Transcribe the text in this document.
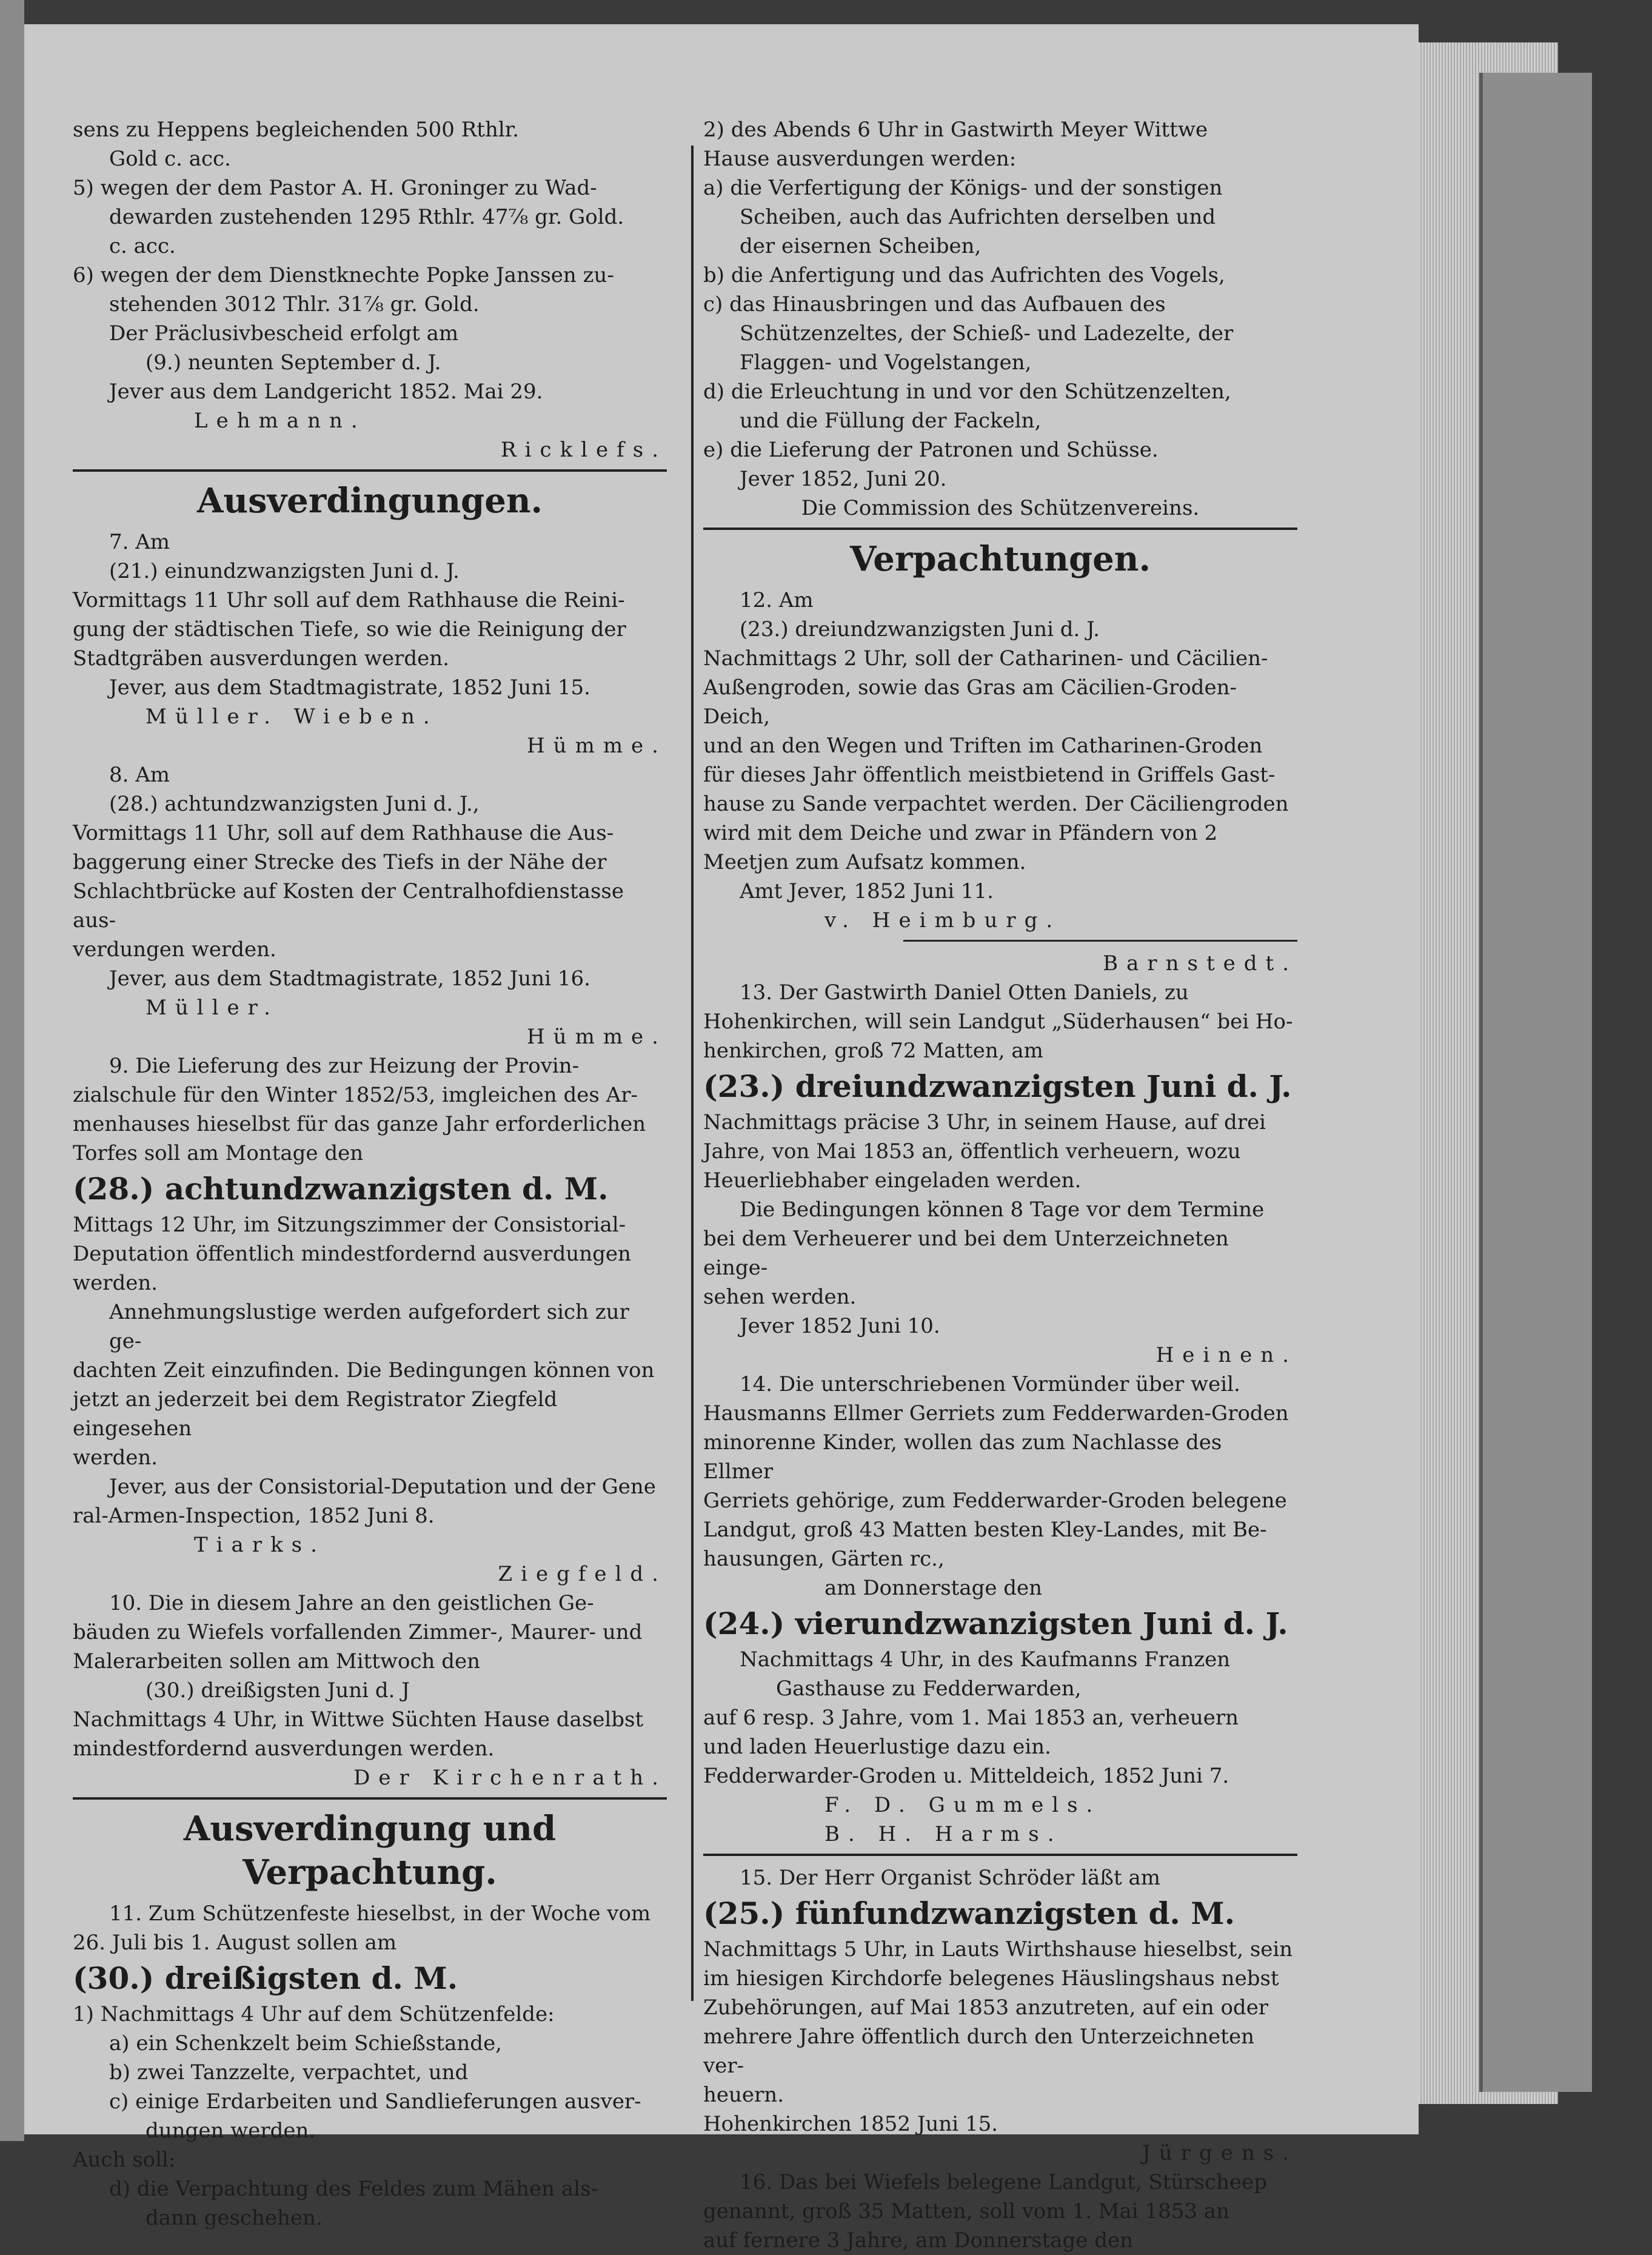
sens zu Heppens begleichenden 500 Rthlr.

Gold c. acc.

5) wegen der dem Pastor A. H. Groninger zu Wad-

dewarden zustehenden 1295 Rthlr. 47⅞ gr. Gold.

c. acc.

6) wegen der dem Dienstknechte Popke Janssen zu-

stehenden 3012 Thlr. 31⅞ gr. Gold.

Der Präclusivbescheid erfolgt am

(9.) neunten September d. J.

Jever aus dem Landgericht 1852. Mai 29.

Lehmann.

Ricklefs.

Ausverdingungen.

7. Am

(21.) einundzwanzigsten Juni d. J.

Vormittags 11 Uhr soll auf dem Rathhause die Reini-

gung der städtischen Tiefe, so wie die Reinigung der

Stadtgräben ausverdungen werden.

Jever, aus dem Stadtmagistrate, 1852 Juni 15.

Müller. Wieben.

Hümme.

8. Am

(28.) achtundzwanzigsten Juni d. J.,

Vormittags 11 Uhr, soll auf dem Rathhause die Aus-

baggerung einer Strecke des Tiefs in der Nähe der

Schlachtbrücke auf Kosten der Centralhofdienstasse aus-

verdungen werden.

Jever, aus dem Stadtmagistrate, 1852 Juni 16.

Müller.

Hümme.

9. Die Lieferung des zur Heizung der Provin-

zialschule für den Winter 1852/53, imgleichen des Ar-

menhauses hieselbst für das ganze Jahr erforderlichen

Torfes soll am Montage den

(28.) achtundzwanzigsten d. M.

Mittags 12 Uhr, im Sitzungszimmer der Consistorial-

Deputation öffentlich mindestfordernd ausverdungen werden.

Annehmungslustige werden aufgefordert sich zur ge-

dachten Zeit einzufinden. Die Bedingungen können von

jetzt an jederzeit bei dem Registrator Ziegfeld eingesehen

werden.

Jever, aus der Consistorial-Deputation und der Gene

ral-Armen-Inspection, 1852 Juni 8.

Tiarks.

Ziegfeld.

10. Die in diesem Jahre an den geistlichen Ge-

bäuden zu Wiefels vorfallenden Zimmer-, Maurer- und

Malerarbeiten sollen am Mittwoch den

(30.) dreißigsten Juni d. J

Nachmittags 4 Uhr, in Wittwe Süchten Hause daselbst

mindestfordernd ausverdungen werden.

Der Kirchenrath.

Ausverdingung und Verpachtung.

11. Zum Schützenfeste hieselbst, in der Woche vom

26. Juli bis 1. August sollen am

(30.) dreißigsten d. M.

1) Nachmittags 4 Uhr auf dem Schützenfelde:

a) ein Schenkzelt beim Schießstande,

b) zwei Tanzzelte, verpachtet, und

c) einige Erdarbeiten und Sandlieferungen ausver-

dungen werden.

Auch soll:

d) die Verpachtung des Feldes zum Mähen als-

dann geschehen.

2) des Abends 6 Uhr in Gastwirth Meyer Wittwe

Hause ausverdungen werden:

a) die Verfertigung der Königs- und der sonstigen

Scheiben, auch das Aufrichten derselben und

der eisernen Scheiben,

b) die Anfertigung und das Aufrichten des Vogels,

c) das Hinausbringen und das Aufbauen des

Schützenzeltes, der Schieß- und Ladezelte, der

Flaggen- und Vogelstangen,

d) die Erleuchtung in und vor den Schützenzelten,

und die Füllung der Fackeln,

e) die Lieferung der Patronen und Schüsse.

Jever 1852, Juni 20.

Die Commission des Schützenvereins.

Verpachtungen.

12. Am

(23.) dreiundzwanzigsten Juni d. J.

Nachmittags 2 Uhr, soll der Catharinen- und Cäcilien-

Außengroden, sowie das Gras am Cäcilien-Groden-Deich,

und an den Wegen und Triften im Catharinen-Groden

für dieses Jahr öffentlich meistbietend in Griffels Gast-

hause zu Sande verpachtet werden. Der Cäciliengroden

wird mit dem Deiche und zwar in Pfändern von 2

Meetjen zum Aufsatz kommen.

Amt Jever, 1852 Juni 11.

v. Heimburg.

Barnstedt.

13. Der Gastwirth Daniel Otten Daniels, zu

Hohenkirchen, will sein Landgut „Süderhausen“ bei Ho-

henkirchen, groß 72 Matten, am

(23.) dreiundzwanzigsten Juni d. J.

Nachmittags präcise 3 Uhr, in seinem Hause, auf drei

Jahre, von Mai 1853 an, öffentlich verheuern, wozu

Heuerliebhaber eingeladen werden.

Die Bedingungen können 8 Tage vor dem Termine

bei dem Verheuerer und bei dem Unterzeichneten einge-

sehen werden.

Jever 1852 Juni 10.

Heinen.

14. Die unterschriebenen Vormünder über weil.

Hausmanns Ellmer Gerriets zum Fedderwarden-Groden

minorenne Kinder, wollen das zum Nachlasse des Ellmer

Gerriets gehörige, zum Fedderwarder-Groden belegene

Landgut, groß 43 Matten besten Kley-Landes, mit Be-

hausungen, Gärten rc.,

am Donnerstage den

(24.) vierundzwanzigsten Juni d. J.

Nachmittags 4 Uhr, in des Kaufmanns Franzen

Gasthause zu Fedderwarden,

auf 6 resp. 3 Jahre, vom 1. Mai 1853 an, verheuern

und laden Heuerlustige dazu ein.

Fedderwarder-Groden u. Mitteldeich, 1852 Juni 7.

F. D. Gummels.

B. H. Harms.

15. Der Herr Organist Schröder läßt am

(25.) fünfundzwanzigsten d. M.

Nachmittags 5 Uhr, in Lauts Wirthshause hieselbst, sein

im hiesigen Kirchdorfe belegenes Häuslingshaus nebst

Zubehörungen, auf Mai 1853 anzutreten, auf ein oder

mehrere Jahre öffentlich durch den Unterzeichneten ver-

heuern.

Hohenkirchen 1852 Juni 15.

Jürgens.

16. Das bei Wiefels belegene Landgut, Stürscheep

genannt, groß 35 Matten, soll vom 1. Mai 1853 an

auf fernere 3 Jahre, am Donnerstage den
